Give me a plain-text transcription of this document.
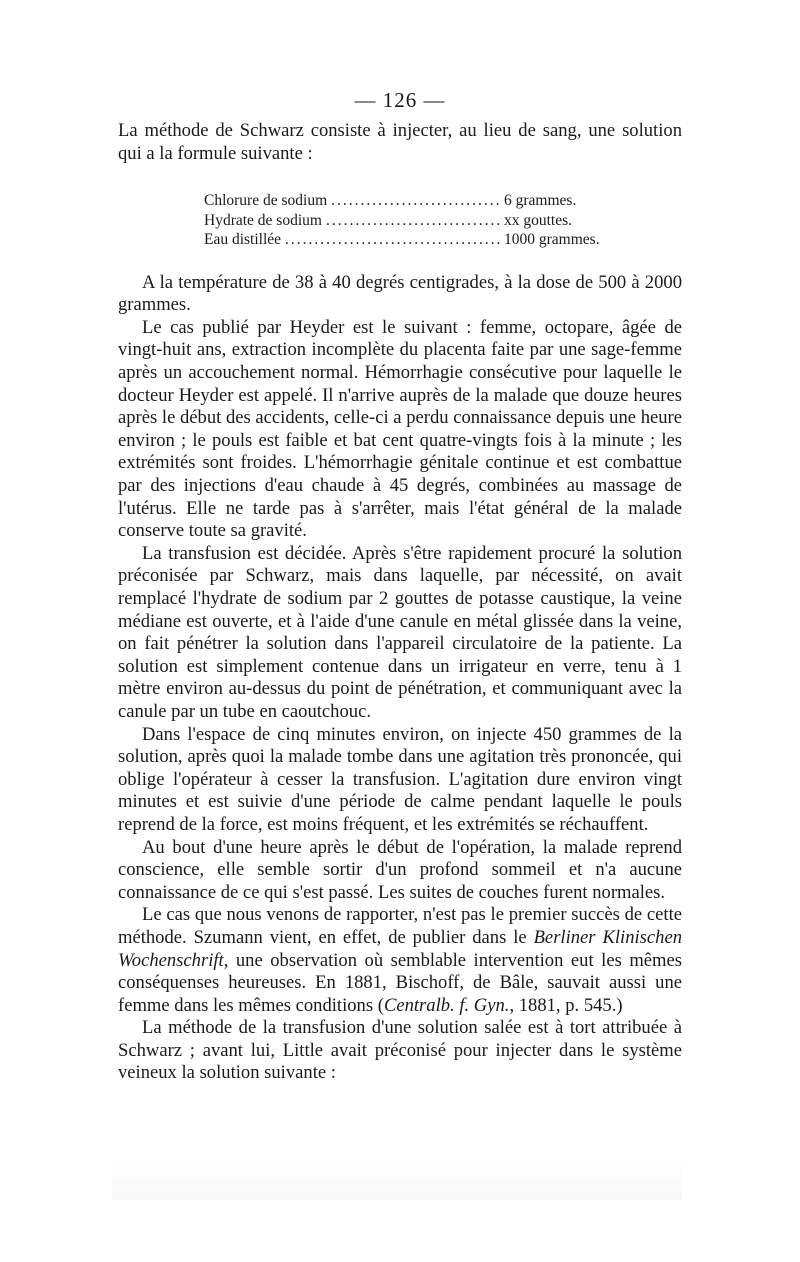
— 126 —

La méthode de Schwarz consiste à injecter, au lieu de sang, une solution qui a la formule suivante :

Chlorure de sodium .....	6 grammes.
Hydrate de sodium .....	xx gouttes.
Eau distillée .....	1000 grammes.

A la température de 38 à 40 degrés centigrades, à la dose de 500 à 2000 grammes.

Le cas publié par Heyder est le suivant : femme, octopare, âgée de vingt-huit ans, extraction incomplète du placenta faite par une sage-femme après un accouchement normal. Hémorrhagie consécutive pour laquelle le docteur Heyder est appelé. Il n'arrive auprès de la malade que douze heures après le début des accidents, celle-ci a perdu connaissance depuis une heure environ ; le pouls est faible et bat cent quatre-vingts fois à la minute ; les extrémités sont froides. L'hémorrhagie génitale continue et est combattue par des injections d'eau chaude à 45 degrés, combinées au massage de l'utérus. Elle ne tarde pas à s'arrêter, mais l'état général de la malade conserve toute sa gravité.

La transfusion est décidée. Après s'être rapidement procuré la solution préconisée par Schwarz, mais dans laquelle, par nécessité, on avait remplacé l'hydrate de sodium par 2 gouttes de potasse caustique, la veine médiane est ouverte, et à l'aide d'une canule en métal glissée dans la veine, on fait pénétrer la solution dans l'appareil circulatoire de la patiente. La solution est simplement contenue dans un irrigateur en verre, tenu à 1 mètre environ au-dessus du point de pénétration, et communiquant avec la canule par un tube en caoutchouc.

Dans l'espace de cinq minutes environ, on injecte 450 grammes de la solution, après quoi la malade tombe dans une agitation très prononcée, qui oblige l'opérateur à cesser la transfusion. L'agitation dure environ vingt minutes et est suivie d'une période de calme pendant laquelle le pouls reprend de la force, est moins fréquent, et les extrémités se réchauffent.

Au bout d'une heure après le début de l'opération, la malade reprend conscience, elle semble sortir d'un profond sommeil et n'a aucune connaissance de ce qui s'est passé. Les suites de couches furent normales.

Le cas que nous venons de rapporter, n'est pas le premier succès de cette méthode. Szumann vient, en effet, de publier dans le Berliner Klinischen Wochenschrift, une observation où semblable intervention eut les mêmes conséquenses heureuses. En 1881, Bischoff, de Bâle, sauvait aussi une femme dans les mêmes conditions (Centralb. f. Gyn., 1881, p. 545.)

La méthode de la transfusion d'une solution salée est à tort attribuée à Schwarz ; avant lui, Little avait préconisé pour injecter dans le système veineux la solution suivante :
